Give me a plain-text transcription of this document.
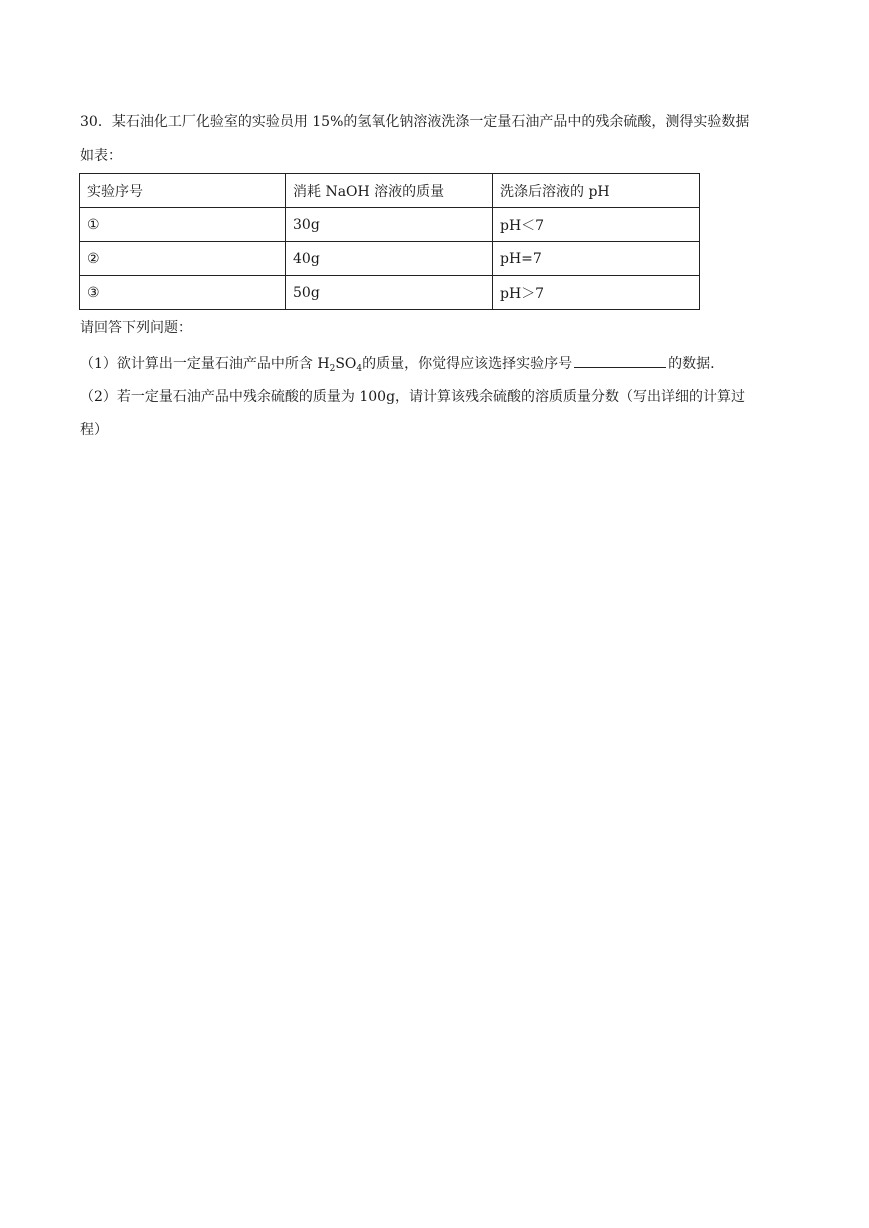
30．某石油化工厂化验室的实验员用 15%的氢氧化钠溶液洗涤一定量石油产品中的残余硫酸，测得实验数据
如表：
实验序号	消耗 NaOH 溶液的质量	洗涤后溶液的 pH
①	30g	pH＜7
②	40g	pH=7
③	50g	pH＞7
请回答下列问题：
（1）欲计算出一定量石油产品中所含 $H_2SO_4$的质量，你觉得应该选择实验序号	的数据.
（2）若一定量石油产品中残余硫酸的质量为 100g，请计算该残余硫酸的溶质质量分数（写出详细的计算过
程）
